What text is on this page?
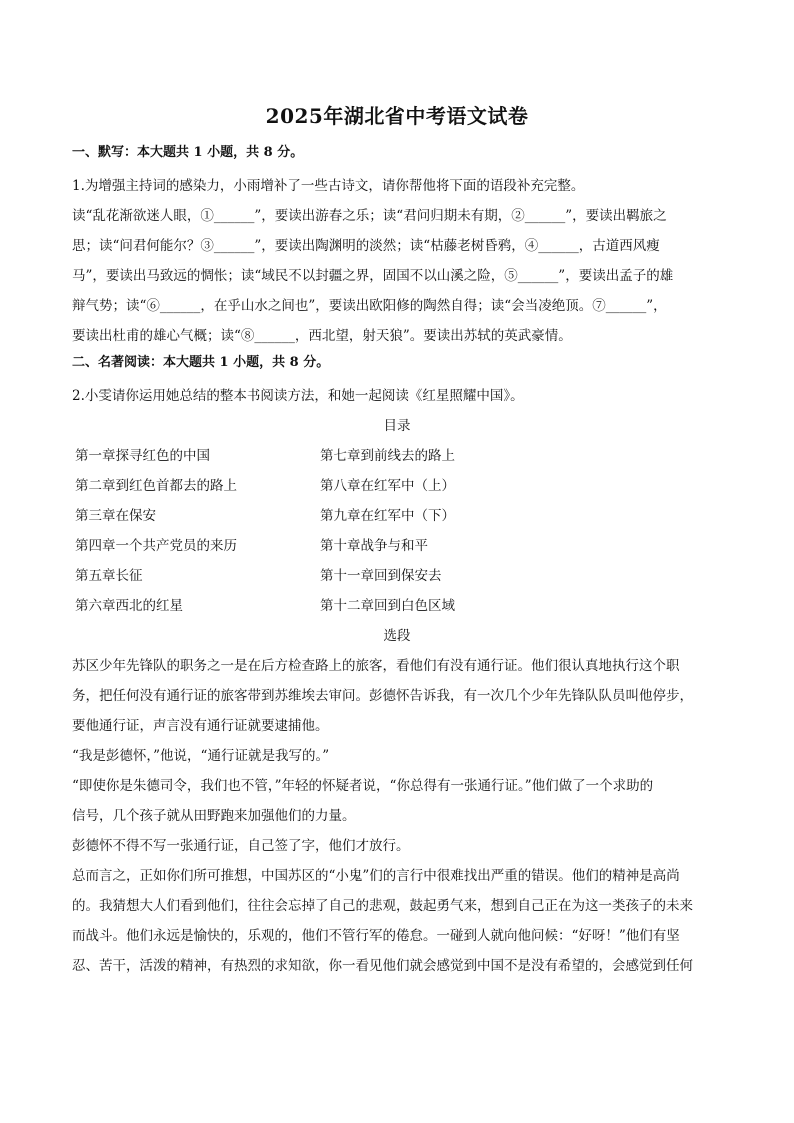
2025年湖北省中考语文试卷
一、默写：本大题共 1 小题，共 8 分。

1.为增强主持词的感染力，小雨增补了一些古诗文，请你帮他将下面的语段补充完整。

读“乱花渐欲迷人眼，①______”，要读出游春之乐；读“君问归期未有期，②______”，要读出羁旅之

思；读“问君何能尔？③______”，要读出陶渊明的淡然；读“枯藤老树昏鸦，④______，古道西风瘦

马”，要读出马致远的惆怅；读“域民不以封疆之界，固国不以山溪之险，⑤______”，要读出孟子的雄

辩气势；读“⑥______，在乎山水之间也”，要读出欧阳修的陶然自得；读“会当凌绝顶。⑦______”，

要读出杜甫的雄心气概；读“⑧______，西北望，射天狼”。要读出苏轼的英武豪情。

二、名著阅读：本大题共 1 小题，共 8 分。

2.小雯请你运用她总结的整本书阅读方法，和她一起阅读《红星照耀中国》。

目录

第一章探寻红色的中国	第七章到前线去的路上
第二章到红色首都去的路上	第八章在红军中（上）
第三章在保安	第九章在红军中（下）
第四章一个共产党员的来历	第十章战争与和平
第五章长征	第十一章回到保安去
第六章西北的红星	第十二章回到白色区域

选段

苏区少年先锋队的职务之一是在后方检查路上的旅客，看他们有没有通行证。他们很认真地执行这个职

务，把任何没有通行证的旅客带到苏维埃去审问。彭德怀告诉我，有一次几个少年先锋队队员叫他停步，

要他通行证，声言没有通行证就要逮捕他。

“我是彭德怀，”他说，“通行证就是我写的。”

“即使你是朱德司令，我们也不管，”年轻的怀疑者说，“你总得有一张通行证。”他们做了一个求助的

信号，几个孩子就从田野跑来加强他们的力量。

彭德怀不得不写一张通行证，自己签了字，他们才放行。

总而言之，正如你们所可推想，中国苏区的“小鬼”们的言行中很难找出严重的错误。他们的精神是高尚

的。我猜想大人们看到他们，往往会忘掉了自己的悲观，鼓起勇气来，想到自己正在为这一类孩子的未来

而战斗。他们永远是愉快的，乐观的，他们不管行军的倦怠。一碰到人就向他问候：“好呀！”他们有坚

忍、苦干，活泼的精神，有热烈的求知欲，你一看见他们就会感觉到中国不是没有希望的，会感觉到任何
